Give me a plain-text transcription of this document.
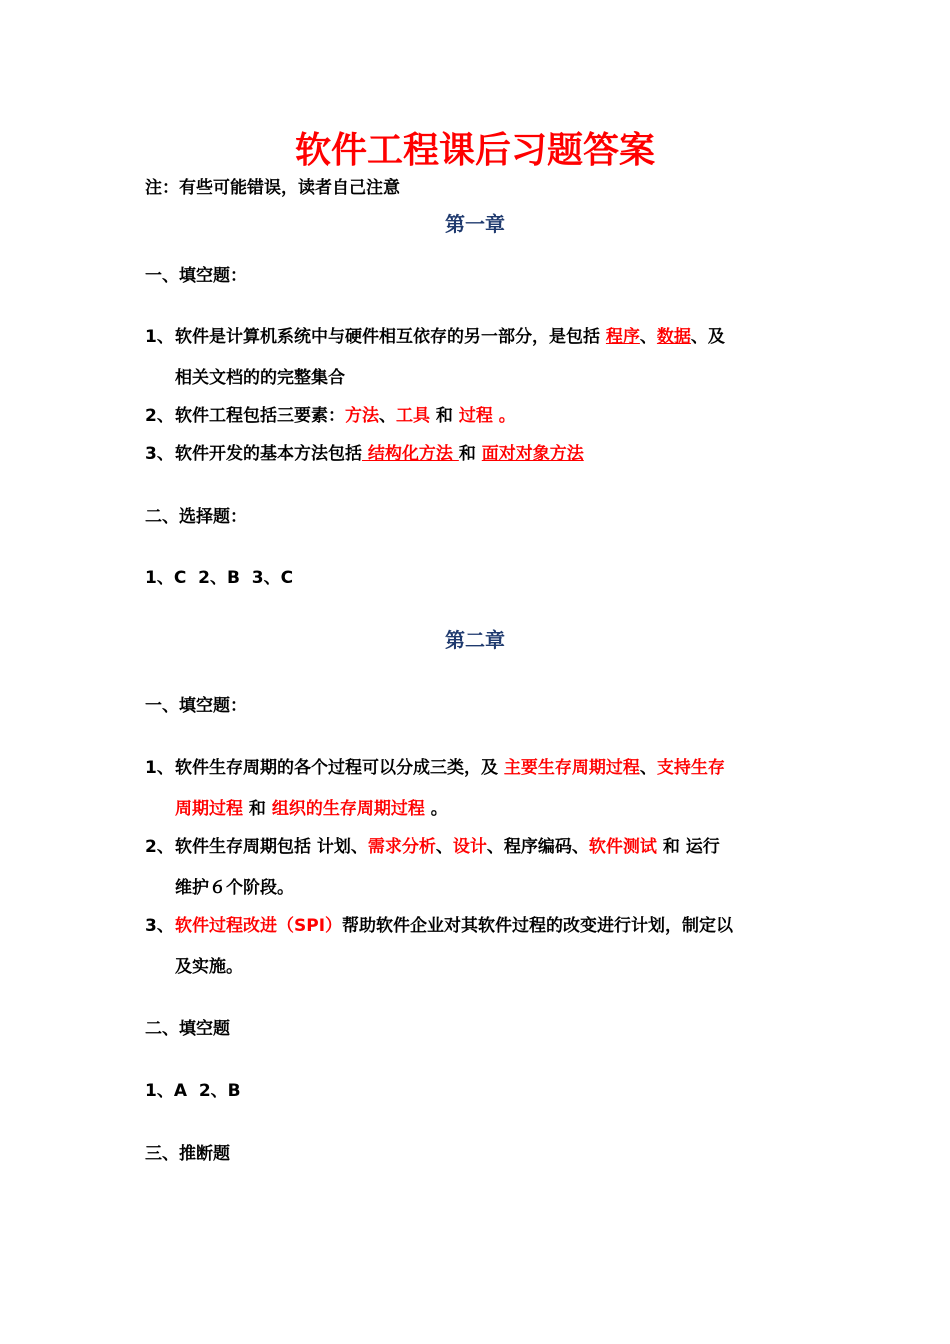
软件工程课后习题答案

注：有些可能错误，读者自己注意

第一章

一、填空题：

1、软件是计算机系统中与硬件相互依存的另一部分，是包括 程序、数据、及

相关文档的的完整集合

2、软件工程包括三要素：方法、工具 和 过程 。

3、软件开发的基本方法包括 结构化方法 和 面对对象方法

二、选择题：

1、C  2、B  3、C

第二章

一、填空题：

1、软件生存周期的各个过程可以分成三类，及 主要生存周期过程、支持生存

周期过程 和 组织的生存周期过程 。

2、软件生存周期包括 计划、需求分析、设计、程序编码、软件测试 和 运行

维护６个阶段。

3、软件过程改进（SPI）帮助软件企业对其软件过程的改变进行计划，制定以

及实施。

二、填空题

1、A  2、B

三、推断题
